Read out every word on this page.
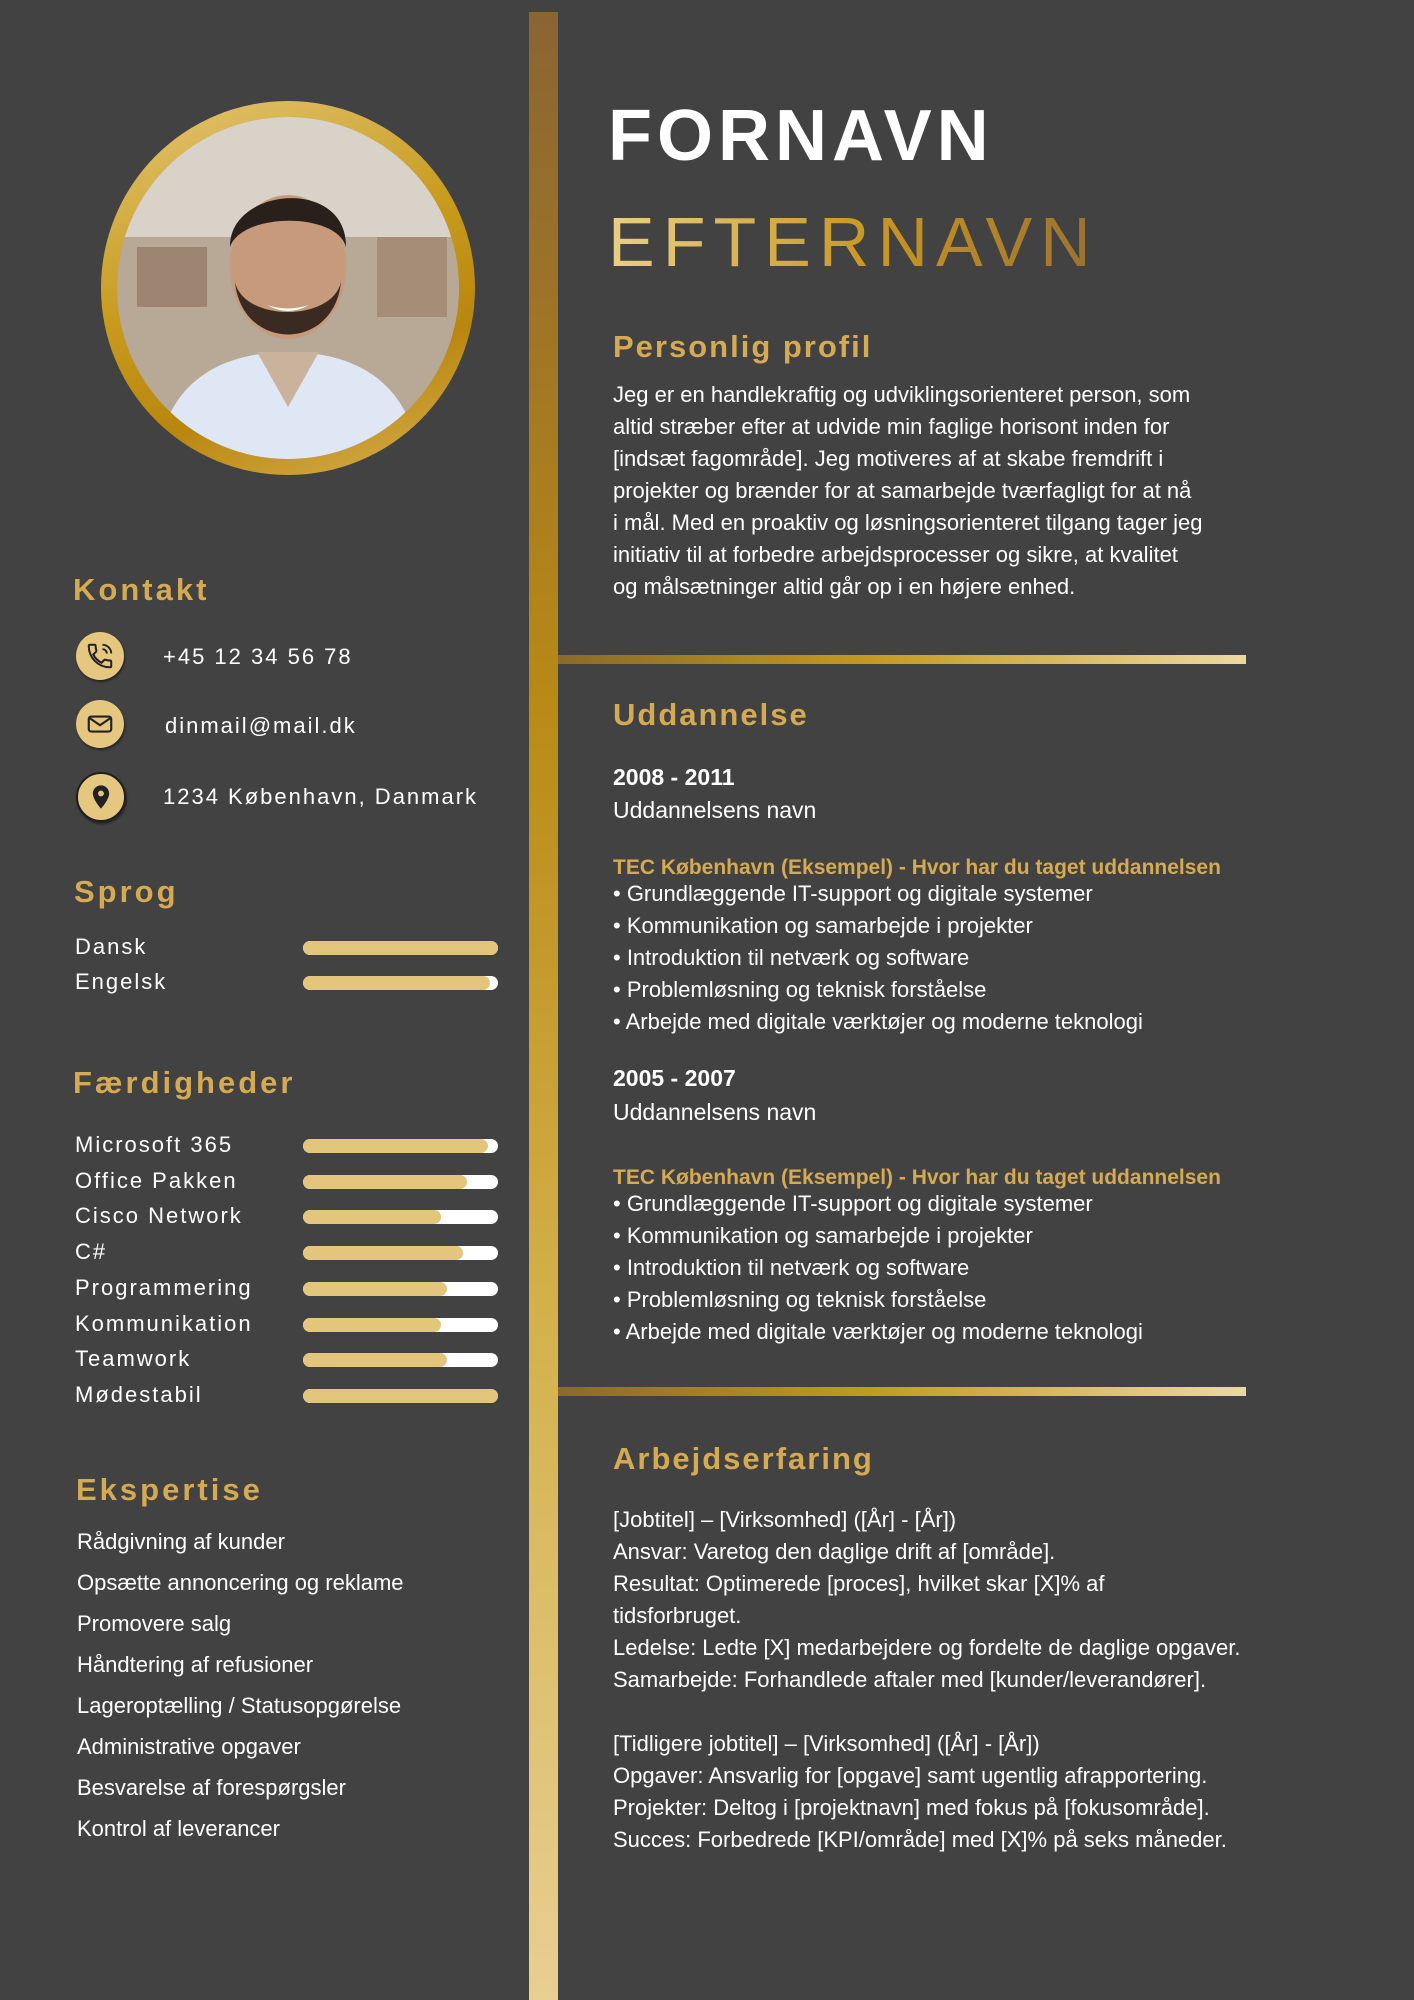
FORNAVN
EFTERNAVN
Kontakt
+45 12 34 56 78
dinmail@mail.dk
1234 København, Danmark
Sprog
Dansk
Engelsk
Færdigheder
Microsoft 365
Office Pakken
Cisco Network
C#
Programmering
Kommunikation
Teamwork
Mødestabil
Ekspertise
Rådgivning af kunder
Opsætte annoncering og reklame
Promovere salg
Håndtering af refusioner
Lageroptælling / Statusopgørelse
Administrative opgaver
Besvarelse af forespørgsler
Kontrol af leverancer
Personlig profil
Jeg er en handlekraftig og udviklingsorienteret person, som
altid stræber efter at udvide min faglige horisont inden for
[indsæt fagområde]. Jeg motiveres af at skabe fremdrift i
projekter og brænder for at samarbejde tværfagligt for at nå
i mål. Med en proaktiv og løsningsorienteret tilgang tager jeg
initiativ til at forbedre arbejdsprocesser og sikre, at kvalitet
og målsætninger altid går op i en højere enhed.
Uddannelse
2008 - 2011
Uddannelsens navn
TEC København (Eksempel) - Hvor har du taget uddannelsen
• Grundlæggende IT-support og digitale systemer
• Kommunikation og samarbejde i projekter
• Introduktion til netværk og software
• Problemløsning og teknisk forståelse
• Arbejde med digitale værktøjer og moderne teknologi
2005 - 2007
Uddannelsens navn
TEC København (Eksempel) - Hvor har du taget uddannelsen
• Grundlæggende IT-support og digitale systemer
• Kommunikation og samarbejde i projekter
• Introduktion til netværk og software
• Problemløsning og teknisk forståelse
• Arbejde med digitale værktøjer og moderne teknologi
Arbejdserfaring
[Jobtitel] – [Virksomhed] ([År] - [År])
Ansvar: Varetog den daglige drift af [område].
Resultat: Optimerede [proces], hvilket skar [X]% af
tidsforbruget.
Ledelse: Ledte [X] medarbejdere og fordelte de daglige opgaver.
Samarbejde: Forhandlede aftaler med [kunder/leverandører].
[Tidligere jobtitel] – [Virksomhed] ([År] - [År])
Opgaver: Ansvarlig for [opgave] samt ugentlig afrapportering.
Projekter: Deltog i [projektnavn] med fokus på [fokusområde].
Succes: Forbedrede [KPI/område] med [X]% på seks måneder.
